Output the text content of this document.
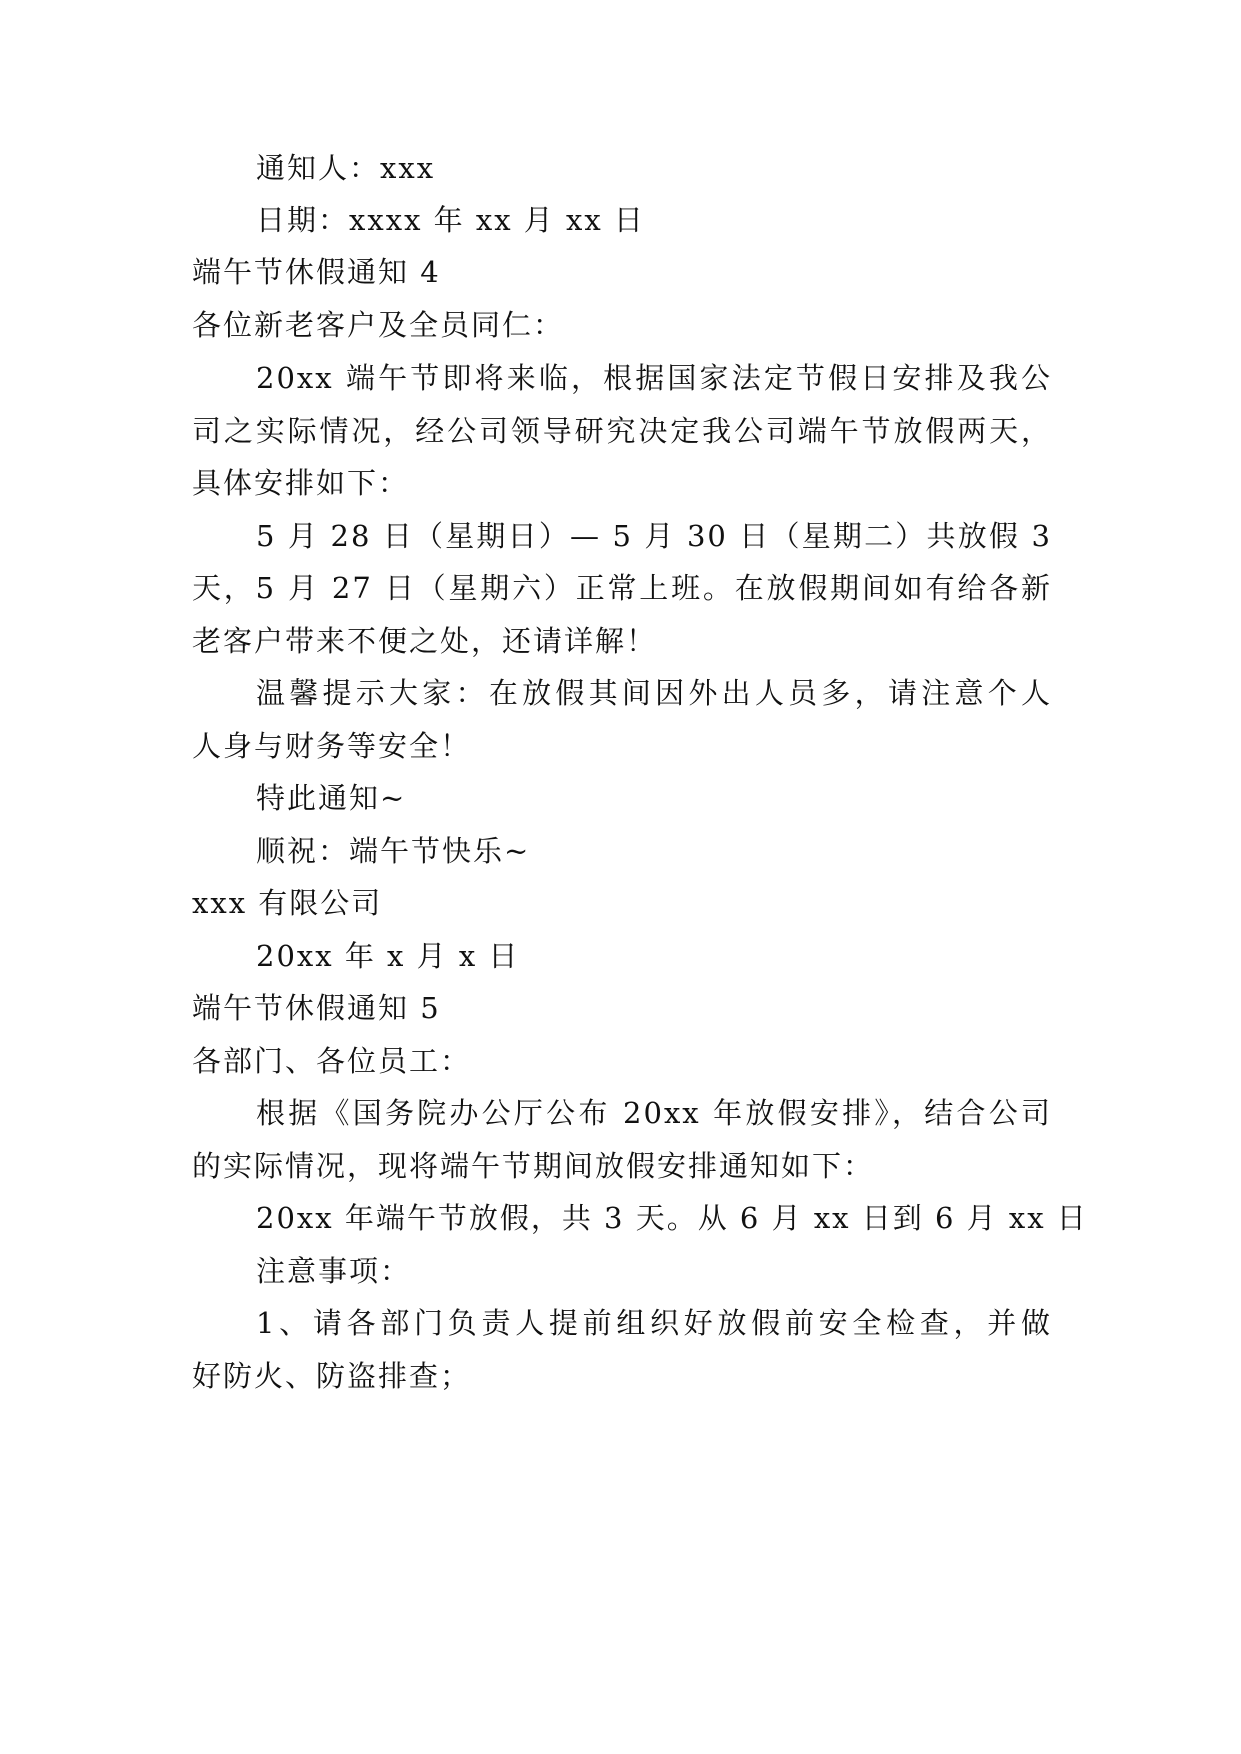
通知人：xxx
日期：xxxx 年 xx 月 xx 日
端午节休假通知 4
各位新老客户及全员同仁：
20xx 端午节即将来临，根据国家法定节假日安排及我公
司之实际情况，经公司领导研究决定我公司端午节放假两天，
具体安排如下：
5 月 28 日（星期日）— 5 月 30 日（星期二）共放假 3
天，5 月 27 日（星期六）正常上班。在放假期间如有给各新
老客户带来不便之处，还请详解！
温馨提示大家：在放假其间因外出人员多，请注意个人
人身与财务等安全！
特此通知~
顺祝：端午节快乐~
xxx 有限公司
20xx 年 x 月 x 日
端午节休假通知 5
各部门、各位员工：
根据《国务院办公厅公布 20xx 年放假安排》，结合公司
的实际情况，现将端午节期间放假安排通知如下：
20xx 年端午节放假，共 3 天。从 6 月 xx 日到 6 月 xx 日
注意事项：
1、请各部门负责人提前组织好放假前安全检查，并做
好防火、防盗排查；
